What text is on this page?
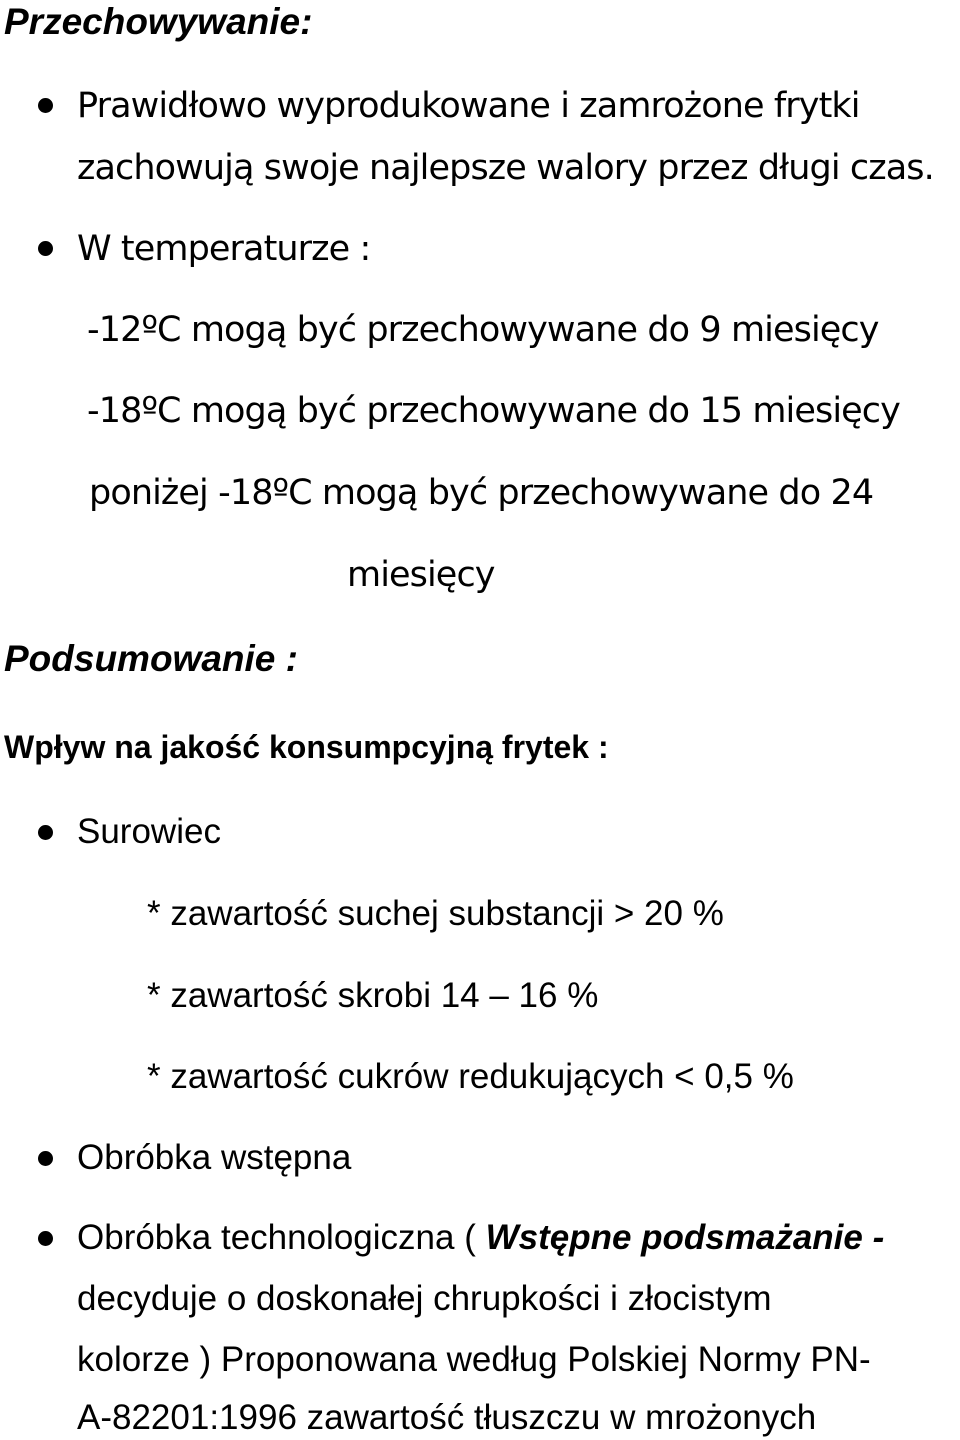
Przechowywanie:
Prawidłowo wyprodukowane i zamrożone frytki
zachowują swoje najlepsze walory przez długi czas.
W temperaturze :
-12ºC mogą być przechowywane do 9 miesięcy
-18ºC mogą być przechowywane do 15 miesięcy
poniżej -18ºC mogą być przechowywane do 24
miesięcy
Podsumowanie :
Wpływ na jakość konsumpcyjną frytek :
Surowiec
* zawartość suchej substancji > 20 %
* zawartość skrobi 14 – 16 %
* zawartość cukrów redukujących < 0,5 %
Obróbka wstępna
Obróbka technologiczna ( Wstępne podsmażanie -
decyduje o doskonałej chrupkości i złocistym
kolorze ) Proponowana według Polskiej Normy PN-
A-82201:1996 zawartość tłuszczu w mrożonych
